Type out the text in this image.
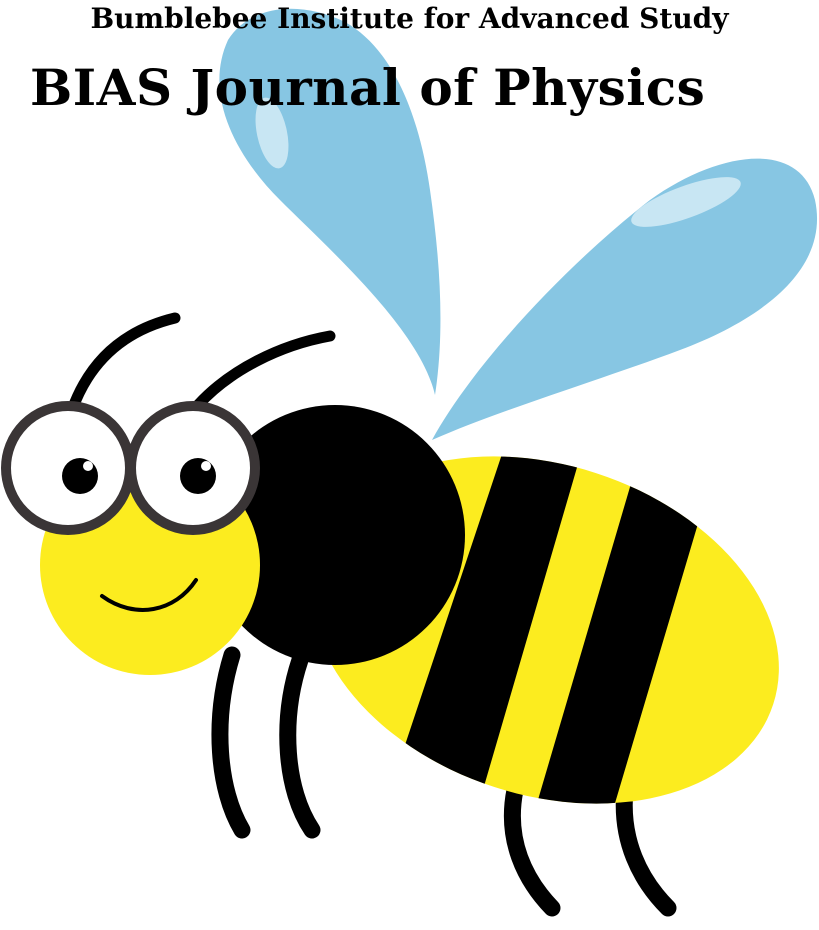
Bumblebee Institute for Advanced Study
BIAS Journal of Physics
